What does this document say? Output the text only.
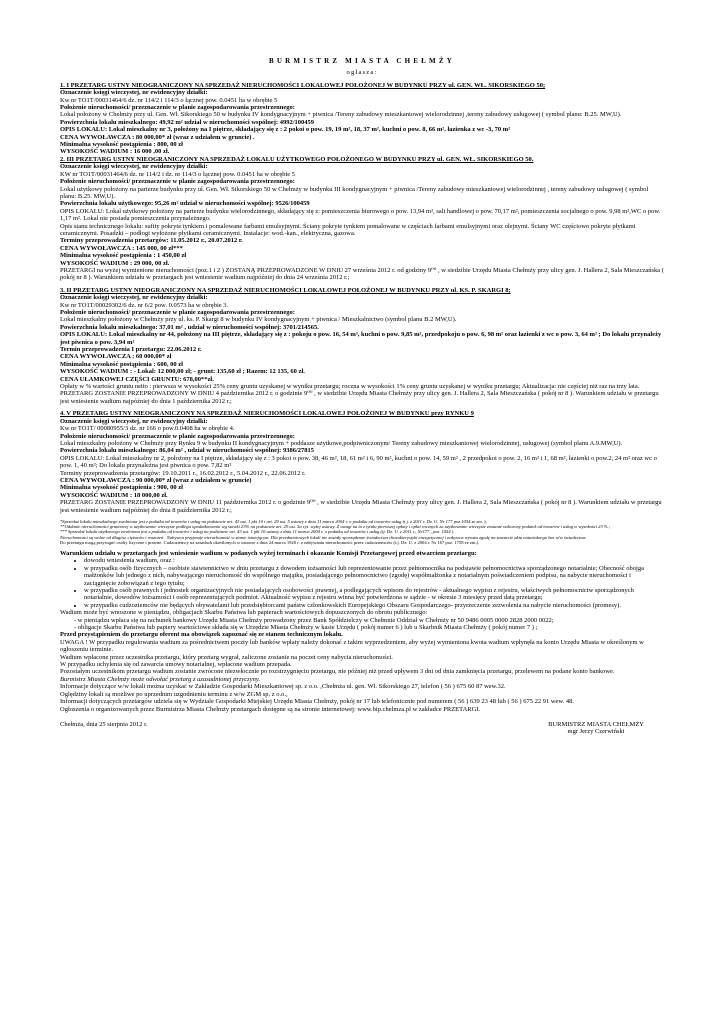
BURMISTRZ MIASTA CHEŁMŻY
ogłasza:

1. I PRZETARG USTNY NIEOGRANICZONY NA SPRZEDAŻ NIERUCHOMOŚCI LOKALOWEJ POŁOŻONEJ W BUDYNKU PRZY ul. GEN. WŁ. SIKORSKIEGO 50;

Oznaczenie księgi wieczystej, nr ewidencyjny działki:

Kw nr TO1T/00031464/6 dz. nr 114/2 i 114/3 o łącznej pow. 0.0451 ha w obrębie 5

Położenie nieruchomości/ przeznaczenie w planie zagospodarowania przestrzennego:

Lokal położony w Chełmży przy ul. Gen. Wł. Sikorskiego 50 w budynku IV kondygnacyjnym + piwnica /Tereny zabudowy mieszkaniowej wielorodzinnej ,tereny zabudowy usługowej ( symbol planu: B.25. MW,U).

Powierzchnia lokalu mieszkalnego: 49,92 m² udział w nieruchomości wspólnej: 4992/100459

OPIS LOKALU: Lokal mieszkalny nr 3, położony na I piętrze, składający się z : 2 pokoi o pow. 19, 19 m², 18, 37 m², kuchni o pow. 8, 66 m², łazienka z wc -3, 70 m²

CENA WYWOŁAWCZA : 80 000,00* zł (wraz z udziałem w gruncie) .

Minimalna wysokość postąpienia : 800, 00 zł

WYSOKOŚĆ WADIUM : 16 000 ,00 zł.

2. III PRZETARG USTNY NIEOGRANICZONY NA SPRZEDAŻ LOKALU UŻYTKOWEGO POŁOŻONEGO W BUDYNKU PRZY ul. GEN. WŁ. SIKORSKIEGO 50.

Oznaczenie księgi wieczystej, nr ewidencyjny działki:

KW nr TO1T/00031464/6 dz. nr 114/2 i dz. nr 114/3 o łącznej pow. 0.0451 ha w obrębie 5

Położenie nieruchomości/ przeznaczenie w planie zagospodarowania przestrzennego:

Lokal użytkowy położony na parterze budynku przy ul. Gen. Wł. Sikorskiego 50 w Chełmży w budynku III kondygnacyjnym + piwnica /Tereny zabudowy mieszkaniowej wielorodzinnej , tereny zabudowy usługowej ( symbol planu: B.25. MW,U).

Powierzchnia lokalu użytkowego: 95,26 m² udział w nieruchomości wspólnej: 9526/100459

OPIS LOKALU: Lokal użytkowy położony na parterze budynku wielorodzinnego, składający się z: pomieszczenia biurowego o pow. 13,94 m², sali handlowej o pow. 70,17 m², pomieszczenia socjalnego o pow. 9,98 m²,WC o pow. 1,17 m². Lokal nie posiada pomieszczenia przynależnego.

Opis stanu technicznego lokalu: sufity pokryte tynkiem i pomalowane farbami emulsyjnymi. Ściany pokryte tynkiem pomalowane w częściach farbami emulsyjnymi oraz olejnymi. Ściany WC częściowo pokryte płytkami ceramicznymi. Posadzki – podłogi wyłożone płytkami ceramicznymi. Instalacje: wod.-kan., elektryczna, gazowa.

Terminy przeprowadzenia przetargów: 11.05.2012 r., 20.07.2012 r.

CENA WYWOŁAWCZA : 145 000, 00 zł***

Minimalna wysokość postąpienia : 1 450,00 zł

WYSOKOŚĆ WADIUM : 29 000, 00 zł.

PRZETARGI na wyżej wymienione nieruchomości (poz.1 i 2 ) ZOSTANĄ PRZEPROWADZONE W DNIU 27 września 2012 r. od godziny 9⁰⁰ , w siedzibie Urzędu Miasta Chełmży przy ulicy gen. J. Hallera 2, Sala Mieszczańska ( pokój nr 8 ). Warunkiem udziału w przetargach jest wniesienie wadium najpóźniej do dnia 24 września 2012 r.;

3. II PRZETARG USTNY NIEOGRANICZONY NA SPRZEDAŻ NIERUCHOMOŚCI LOKALOWEJ POŁOŻONEJ W BUDYNKU PRZY ul. KS. P. SKARGI 8;

Oznaczenie księgi wieczystej, nr ewidencyjny działki:

Kw nr TO1T/00029302/6 dz. nr 6/2 pow. 0.0573 ha w obrębie 3.

Położenie nieruchomości/ przeznaczenie w planie zagospodarowania przestrzennego:

Lokal mieszkalny położony w Chełmży przy ul. ks. P. Skargi 8 w budynku IV kondygnacyjnym + piwnica / Mieszkalnictwo (symbol planu B.2 MW,U).

Powierzchnia lokalu mieszkalnego: 37,01 m² , udział w nieruchomości wspólnej: 3701/214565.

OPIS LOKALU: Lokal mieszkalny nr 44, położony na III piętrze, składający się z : pokoju o pow. 16, 54 m², kuchni o pow. 9,85 m², przedpokoju o pow. 6, 98 m² oraz łazienki z wc o pow. 3, 64 m² ; Do lokalu przynależy jest piwnica o pow. 3,94 m²

Termin przeprowadzenia I przetargu: 22.06.2012 r.

CENA WYWOŁAWCZA : 60 000,00* zł

Minimalna wysokość postąpienia : 600, 00 zł

WYSOKOŚĆ WADIUM : - Lokal: 12 000,00 zł; - grunt: 135,60 zł ; Razem: 12 135, 60 zł.

CENA UŁAMKOWEJ CZĘŚCI GRUNTU: 678,00**zł.

Opłaty w % wartości gruntu netto : pierwsza w wysokości 25% ceny gruntu uzyskanej w wyniku przetargu; roczna w wysokości 1% ceny gruntu uzyskanej w wyniku przetargu; Aktualizacja: nie częściej niż raz na trzy lata.

PRZETARG ZOSTANIE PRZEPROWADZONY W DNIU 4 października 2012 r. o godzinie 9⁰⁰ , w siedzibie Urzędu Miasta Chełmży przy ulicy gen. J. Hallera 2, Sala Mieszczańska ( pokój nr 8 ). Warunkiem udziału w przetargu jest wniesienie wadium najpóźniej do dnia 1 października 2012 r.;

4. V PRZETARG USTNY NIEOGRANICZONY NA SPRZEDAŻ NIERUCHOMOŚCI LOKALOWEJ POŁOŻONEJ W BUDYNKU przy RYNKU 9

Oznaczenie księgi wieczystej, nr ewidencyjny działki:

Kw nr TO1T/ 00080955/3 dz. nr 166 o pow.0.0408 ha w obrębie 4.

Położenie nieruchomości/ przeznaczenie w planie zagospodarowania przestrzennego:

Lokal mieszkalny położony w Chełmży przy Rynku 9 w budynku II kondygnacyjnym + poddasze użytkowe,podpiwniczonym/ Tereny zabudowy mieszkaniowej wielorodzinnej, usługowej (symbol planu A.9.MW,U).

Powierzchnia lokalu mieszkalnego: 86,04 m² , udział w nieruchomości wspólnej: 9386/27815

OPIS LOKALU: Lokal mieszkalny nr 2, położony na I piętrze, składający się z : 3 pokoi o pow. 38, 46 m², 18, 61 m² i 6, 90 m², kuchni o pow. 14, 59 m² , 2 przedpokoi o pow. 2, 16 m² i 1, 68 m², łazienki o pow.2, 24 m² oraz wc o pow. 1, 40 m²; Do lokalu przynależna jest piwnica o pow. 7,82 m²

Terminy przeprowadzenia przetargów: 19.10.2011 r., 16.02.2012 r., 5.04.2012 r., 22.06.2012 r.

CENA WYWOŁAWCZA : 90 000,00* zł (wraz z udziałem w gruncie)

Minimalna wysokość postąpienia : 900, 00 zł

WYSOKOŚĆ WADIUM : 18 000,00 zł.

PRZETARG ZOSTANIE PRZEPROWADZONY W DNIU 11 października 2012 r. o godzinie 9⁰⁰ , w siedzibie Urzędu Miasta Chełmży przy ulicy gen. J. Hallera 2, Sala Mieszczańska ( pokój nr 8 ). Warunkiem udziału w przetargu jest wniesienie wadium najpóźniej do dnia 8 października 2012 r.;

*Sprzedaż lokalu mieszkalnego zwolniona jest z podatku od towarów i usług na podstawie art. 43 ust. 1 pkt 10 i art. 29 ust. 5 ustawy z dnia 11 marca 2004 r. o podatku od towarów usług (t.j. z 2011 r. Dz. U. Nr 177 poz.1054 ze zm. );

**Oddanie nieruchomości gruntowej w użytkowanie wieczyste podlega opodatkowaniu wg stawki 23% na podstawie art. 29 ust. 5a cyt. wyżej ustawy. Z uwagi na to z tytułu pierwszej opłaty i opłat rocznych za użytkowanie wieczyste zostanie naliczony podatek od towarów i usług w wysokości 23 % ;

*** Sprzedaż lokalu użytkowego zwolniona jest z podatku od towarów i usług na podstawie art. 43 ust. 1 pkt 10 ustawy z dnia 11 marca 2004 r. o podatku od towarów i usług (tj. Dz. U. z 2011 r., Nr177 , poz. 1054 ).

Nieruchomości są wolne od długów, ciężarów i roszczeń . Nabywca przyjmuje nieruchomość w stanie istniejącym. Dla przedmiotowych lokali nie zostały sporządzone świadectwa charakterystyki energetycznej i nabywca wyraża zgodę na zawarcie aktu notarialnego bez w/w świadectwa.

Do przetargu mogą przystąpić osoby fizyczne i prawne. Cudzoziemcy na zasadach określonych w ustawie z dnia 24 marca 1920 r. o nabywaniu nieruchomości przez cudzoziemców (t.j. Dz. U. z 2004 r. Nr 167 poz. 1758 ze zm.).

Warunkiem udziału w przetargach jest wniesienie wadium w podanych wyżej terminach i okazanie Komisji Przetargowej przed otwarciem przetargu:

• dowodu wniesienia wadium, oraz :
• w przypadku osób fizycznych – osobiste stawiennictwo w dniu przetargu z dowodem tożsamości lub reprezentowanie przez pełnomocnika na podstawie pełnomocnictwa sporządzonego notarialnie; Obecność obojga małżonków lub jednego z nich, nabywającego nieruchomość do wspólnego majątku, posiadającego pełnomocnictwo (zgodę) współmałżonka z notarialnym poświadczeniem podpisu, na nabycie nieruchomości i zaciągnięcie zobowiązań z tego tytułu;
• w przypadku osób prawnych i jednostek organizacyjnych nie posiadających osobowości prawnej, a podlegających wpisom do rejestrów - aktualnego wypisu z rejestru, właściwych pełnomocnictw sporządzonych notarialnie, dowodów tożsamości i osób reprezentujących podmiot. Aktualność wypisu z rejestru winna być potwierdzona w sądzie - w okresie 3 miesięcy przed datą przetargu;
• w przypadku cudzoziemców nie będących obywatelami lub przedsiębiorcami państw członkowskich Europejskiego Obszaru Gospodarczego- przyrzeczenie zezwolenia na nabycie nieruchomości (promesy).

Wadium może być wnoszone w pieniądzu, obligacjach Skarbu Państwa lub papierach wartościowych dopuszczonych do obrotu publicznego:

- w pieniądzu wpłaca się na rachunek bankowy Urzędu Miasta Chełmży prowadzony przez Bank Spółdzielczy w Chełmnie Oddział w Chełmży nr 50 9486 0005 0000 2828 2000 0022;

- obligacje Skarbu Państwa lub papiery wartościowe składa się w Urzędzie Miasta Chełmży w kasie Urzędu ( pokój numer 6 ) lub u Skarbnik Miasta Chełmży ( pokój numer 7 ) ;

Przed przystąpieniem do przetargu oferent ma obowiązek zapoznać się ze stanem technicznym lokalu.

UWAGA ! W przypadku regulowania wadium za pośrednictwem poczty lub banków wpłaty należy dokonać z takim wyprzedzeniem, aby wyżej wymieniona kwota wadium wpłynęła na konto Urzędu Miasta w określonym w ogłoszeniu terminie.

Wadium wpłacone przez uczestnika przetargu, który przetarg wygrał, zaliczone zostanie na poczet ceny nabycia nieruchomości.

W przypadku uchylenia się od zawarcia umowy notarialnej, wpłacone wadium przepada.

Pozostałym uczestnikom przetargu wadium zostanie zwrócone niezwłocznie po rozstrzygnięciu przetargu, nie później niż przed upływem 3 dni od dnia zamknięcia przetargu, przelewem na podane konto bankowe.

Burmistrz Miasta Chełmży może odwołać przetarg z uzasadnionej przyczyny.

Informacje dotyczące w/w lokali można uzyskać w Zakładzie Gospodarki Mieszkaniowej sp. z o.o. ,Chełmża ul. gen. Wł. Sikorskiego 27, telefon ( 56 ) 675 60 87 wew.32.

Oględziny lokali są możliwe po uprzednim uzgodnieniu terminu z w/w ZGM sp. z o.o.,

Informacji dotyczących przetargów udziela się w Wydziale Gospodarki Miejskiej Urzędu Miasta Chełmży, pokój nr 17 lub telefonicznie pod numerem ( 56 ) 639 23 48 lub ( 56 ) 675 22 91 wew. 48.

Ogłoszenia o organizowanych przez Burmistrza Miasta Chełmży przetargach dostępne są na stronie internetowej: www.bip.chelmza.pl w zakładce PRZETARGI.

Chełmża, dnia 25 sierpnia 2012 r.	BURMISTRZ MIASTA CHEŁMŻY
mgr Jerzy Czerwiński
